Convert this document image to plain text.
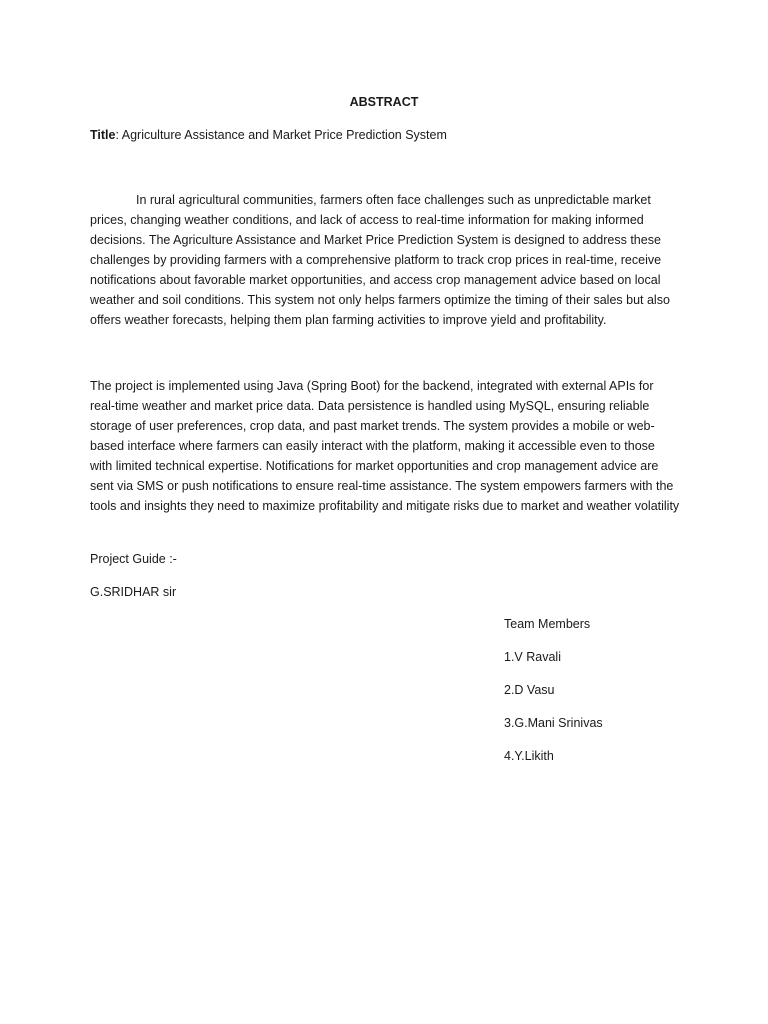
ABSTRACT
Title: Agriculture Assistance and Market Price Prediction System

In rural agricultural communities, farmers often face challenges such as unpredictable market prices, changing weather conditions, and lack of access to real-time information for making informed decisions. The Agriculture Assistance and Market Price Prediction System is designed to address these challenges by providing farmers with a comprehensive platform to track crop prices in real-time, receive notifications about favorable market opportunities, and access crop management advice based on local weather and soil conditions. This system not only helps farmers optimize the timing of their sales but also offers weather forecasts, helping them plan farming activities to improve yield and profitability.

The project is implemented using Java (Spring Boot) for the backend, integrated with external APIs for real-time weather and market price data. Data persistence is handled using MySQL, ensuring reliable storage of user preferences, crop data, and past market trends. The system provides a mobile or web-based interface where farmers can easily interact with the platform, making it accessible even to those with limited technical expertise. Notifications for market opportunities and crop management advice are sent via SMS or push notifications to ensure real-time assistance. The system empowers farmers with the tools and insights they need to maximize profitability and mitigate risks due to market and weather volatility

Project Guide :-
G.SRIDHAR sir
Team Members
1.V Ravali
2.D Vasu
3.G.Mani Srinivas
4.Y.Likith
